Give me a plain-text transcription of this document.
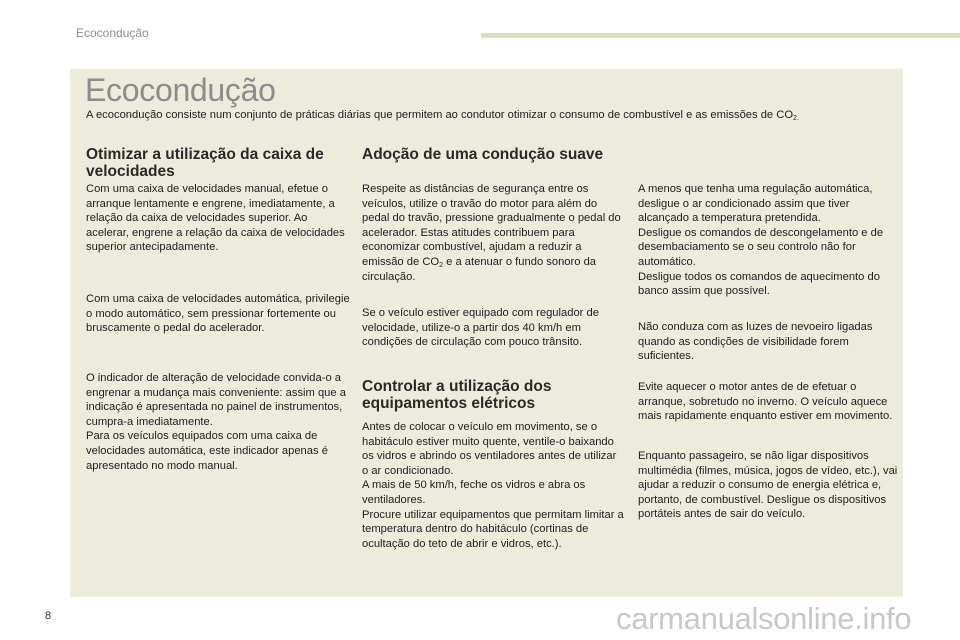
Ecocondução
Ecocondução

A ecocondução consiste num conjunto de práticas diárias que permitem ao condutor otimizar o consumo de combustível e as emissões de $CO_{2.}$

Otimizar a utilização da caixa de velocidades

Com uma caixa de velocidades manual, efetue o arranque lentamente e engrene, imediatamente, a relação da caixa de velocidades superior. Ao acelerar, engrene a relação da caixa de velocidades superior antecipadamente.

Com uma caixa de velocidades automática, privilegie o modo automático, sem pressionar fortemente ou bruscamente o pedal do acelerador.

O indicador de alteração de velocidade convida-o a engrenar a mudança mais conveniente: assim que a indicação é apresentada no painel de instrumentos, cumpra-a imediatamente.

Para os veículos equipados com uma caixa de velocidades automática, este indicador apenas é apresentado no modo manual.

Adoção de uma condução suave

Respeite as distâncias de segurança entre os veículos, utilize o travão do motor para além do pedal do travão, pressione gradualmente o pedal do acelerador. Estas atitudes contribuem para economizar combustível, ajudam a reduzir a emissão de $CO_2$ e a atenuar o fundo sonoro da circulação.

Se o veículo estiver equipado com regulador de velocidade, utilize-o a partir dos 40 km/h em condições de circulação com pouco trânsito.

Controlar a utilização dos equipamentos elétricos

Antes de colocar o veículo em movimento, se o habitáculo estiver muito quente, ventile-o baixando os vidros e abrindo os ventiladores antes de utilizar o ar condicionado.

A mais de 50 km/h, feche os vidros e abra os ventiladores.

Procure utilizar equipamentos que permitam limitar a temperatura dentro do habitáculo (cortinas de ocultação do teto de abrir e vidros, etc.).

A menos que tenha uma regulação automática, desligue o ar condicionado assim que tiver alcançado a temperatura pretendida.

Desligue os comandos de descongelamento e de desembaciamento se o seu controlo não for automático.

Desligue todos os comandos de aquecimento do banco assim que possível.

Não conduza com as luzes de nevoeiro ligadas quando as condições de visibilidade forem suficientes.

Evite aquecer o motor antes de de efetuar o arranque, sobretudo no inverno. O veículo aquece mais rapidamente enquanto estiver em movimento.

Enquanto passageiro, se não ligar dispositivos multimédia (filmes, música, jogos de vídeo, etc.), vai ajudar a reduzir o consumo de energia elétrica e, portanto, de combustível. Desligue os dispositivos portáteis antes de sair do veículo.

8	carmanualsonline.info
